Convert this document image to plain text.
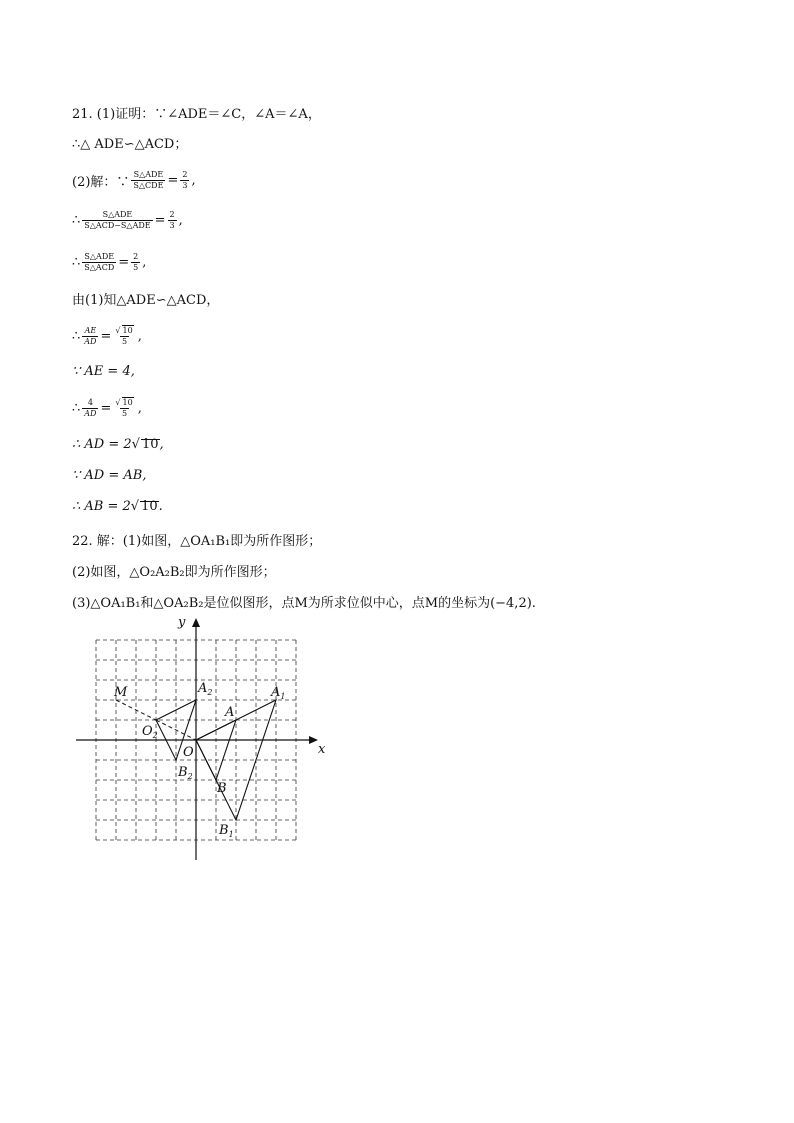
21. (1)证明：∵∠ADE＝∠C，∠A＝∠A，
∴△ ADE∽△ACD；
(2)解：∵ $\frac{\text{S△ADE}}{\text{S△CDE}} = \frac{2}{3}$ ,
∴ $\frac{\text{S△ADE}}{\text{S△ACD−S△ADE}} = \frac{2}{3}$ ,
∴ $\frac{\text{S△ADE}}{\text{S△ACD}} = \frac{2}{5}$ ,
由(1)知△ADE∽△ACD，
∴ $\frac{AE}{AD} = \frac{√ 10}{5}$ ,
∵ AE = 4,
∴ $\frac{4}{AD} = \frac{√ 10}{5}$ ,
∴ AD = 2 √ 10 ,
∵ AD = AB,
∴ AB = 2 √ 10 .
22. 解：(1)如图，△OA₁B₁即为所作图形；
(2)如图，△O₂A₂B₂即为所作图形；
(3)△OA₁B₁和△OA₂B₂是位似图形，点M为所求位似中心，点M的坐标为(−4,2).
y
x
M
O
$O_2$
$A_2$
$B_2$
A
B
$A_1$
$B_1$
